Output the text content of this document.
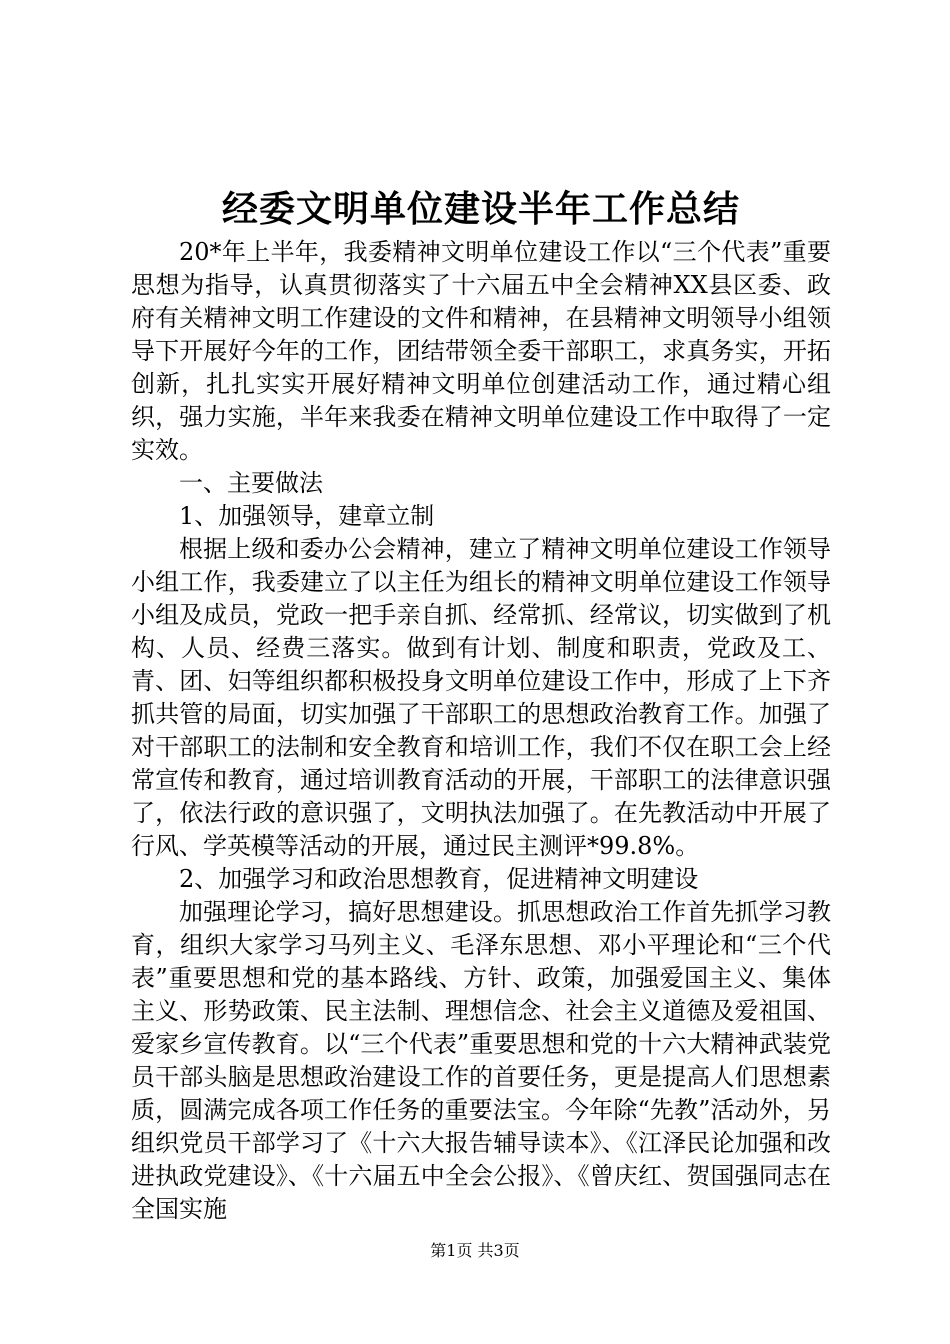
经委文明单位建设半年工作总结

20*年上半年，我委精神文明单位建设工作以“三个代表”重要思想为指导，认真贯彻落实了十六届五中全会精神XX县区委、政府有关精神文明工作建设的文件和精神，在县精神文明领导小组领导下开展好今年的工作，团结带领全委干部职工，求真务实，开拓创新，扎扎实实开展好精神文明单位创建活动工作，通过精心组织，强力实施，半年来我委在精神文明单位建设工作中取得了一定实效。

一、主要做法

1、加强领导，建章立制

根据上级和委办公会精神，建立了精神文明单位建设工作领导小组工作，我委建立了以主任为组长的精神文明单位建设工作领导小组及成员，党政一把手亲自抓、经常抓、经常议，切实做到了机构、人员、经费三落实。做到有计划、制度和职责，党政及工、青、团、妇等组织都积极投身文明单位建设工作中，形成了上下齐抓共管的局面，切实加强了干部职工的思想政治教育工作。加强了对干部职工的法制和安全教育和培训工作，我们不仅在职工会上经常宣传和教育，通过培训教育活动的开展，干部职工的法律意识强了，依法行政的意识强了，文明执法加强了。在先教活动中开展了行风、学英模等活动的开展，通过民主测评*99.8%。

2、加强学习和政治思想教育，促进精神文明建设

加强理论学习，搞好思想建设。抓思想政治工作首先抓学习教育，组织大家学习马列主义、毛泽东思想、邓小平理论和“三个代表”重要思想和党的基本路线、方针、政策，加强爱国主义、集体主义、形势政策、民主法制、理想信念、社会主义道德及爱祖国、爱家乡宣传教育。以“三个代表”重要思想和党的十六大精神武装党员干部头脑是思想政治建设工作的首要任务，更是提高人们思想素质，圆满完成各项工作任务的重要法宝。今年除“先教”活动外，另组织党员干部学习了《十六大报告辅导读本》、《江泽民论加强和改进执政党建设》、《十六届五中全会公报》、《曾庆红、贺国强同志在全国实施

第1页 共3页
